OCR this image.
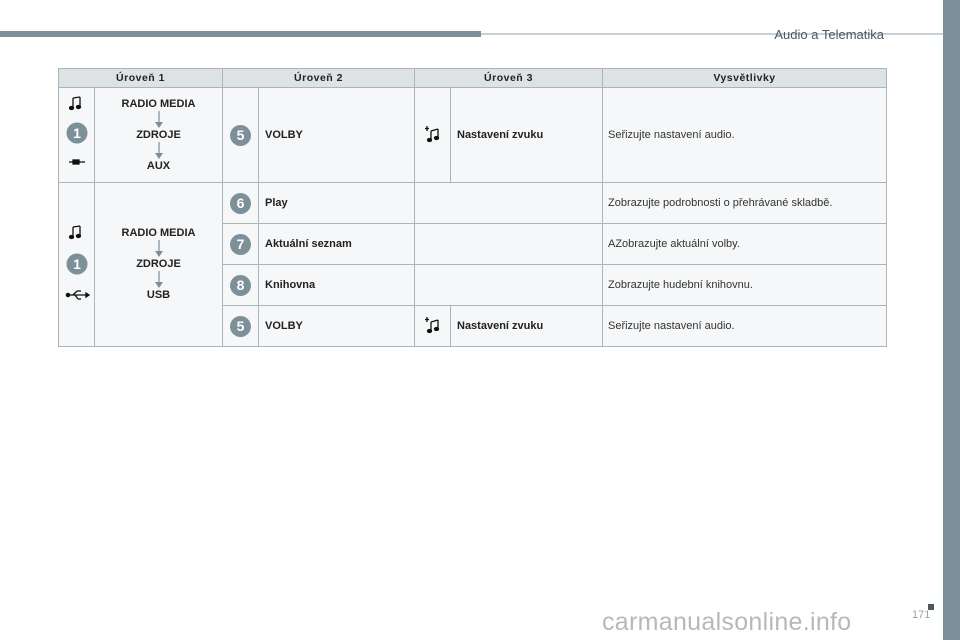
Audio a Telematika
171
carmanualsonline.info
Úroveň 1		Úroveň 2		Úroveň 3		Vysvětlivky

1	RADIO MEDIA
ZDROJE
AUX	5	VOLBY		Nastavení zvuku	Seřizujte nastavení audio.

1	RADIO MEDIA
ZDROJE
USB	6	Play			Zobrazujte podrobnosti o přehrávané skladbě.
		7	Aktuální seznam			AZobrazujte aktuální volby.
		8	Knihovna			Zobrazujte hudební knihovnu.
		5	VOLBY		Nastavení zvuku	Seřizujte nastavení audio.
